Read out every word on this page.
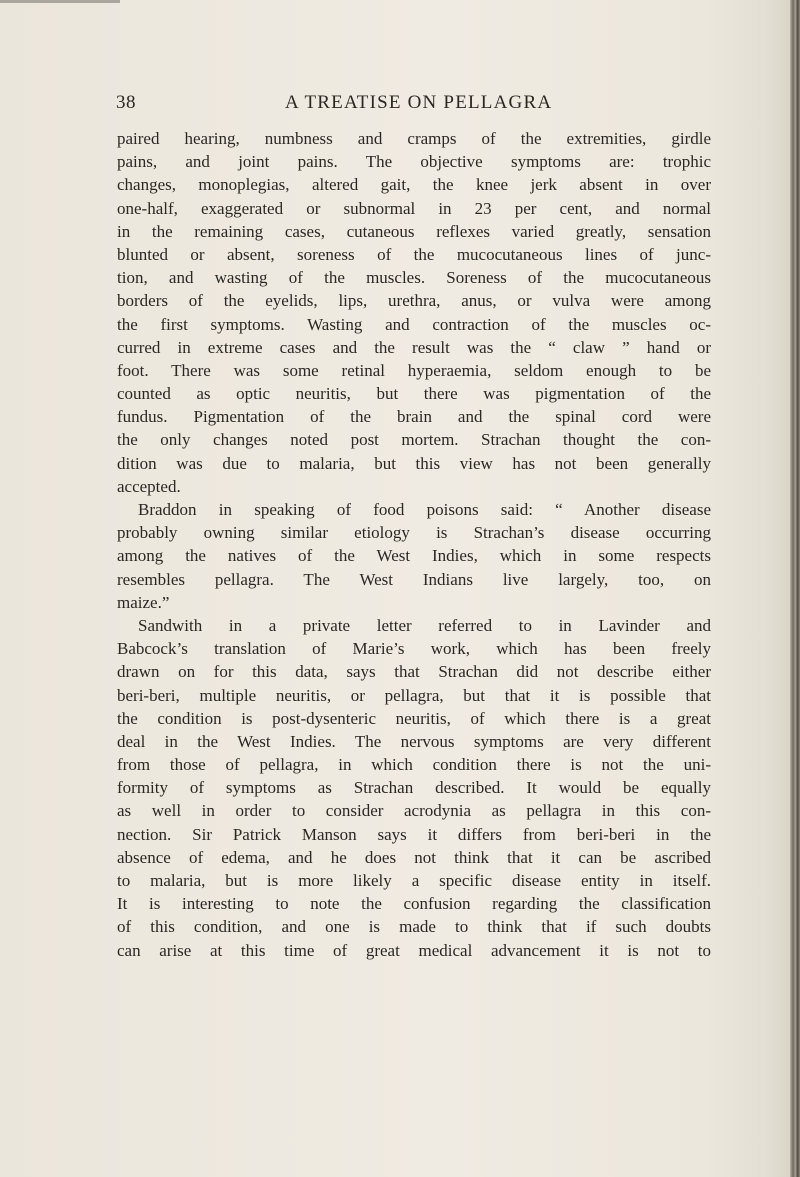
38	A TREATISE ON PELLAGRA
paired hearing, numbness and cramps of the extremities, girdle
pains, and joint pains. The objective symptoms are: trophic
changes, monoplegias, altered gait, the knee jerk absent in over
one-half, exaggerated or subnormal in 23 per cent, and normal
in the remaining cases, cutaneous reflexes varied greatly, sensation
blunted or absent, soreness of the mucocutaneous lines of junc-
tion, and wasting of the muscles. Soreness of the mucocutaneous
borders of the eyelids, lips, urethra, anus, or vulva were among
the first symptoms. Wasting and contraction of the muscles oc-
curred in extreme cases and the result was the “ claw ” hand or
foot. There was some retinal hyperaemia, seldom enough to be
counted as optic neuritis, but there was pigmentation of the
fundus. Pigmentation of the brain and the spinal cord were
the only changes noted post mortem. Strachan thought the con-
dition was due to malaria, but this view has not been generally
accepted.
Braddon in speaking of food poisons said: “ Another disease
probably owning similar etiology is Strachan’s disease occurring
among the natives of the West Indies, which in some respects
resembles pellagra. The West Indians live largely, too, on
maize.”
Sandwith in a private letter referred to in Lavinder and
Babcock’s translation of Marie’s work, which has been freely
drawn on for this data, says that Strachan did not describe either
beri-beri, multiple neuritis, or pellagra, but that it is possible that
the condition is post-dysenteric neuritis, of which there is a great
deal in the West Indies. The nervous symptoms are very different
from those of pellagra, in which condition there is not the uni-
formity of symptoms as Strachan described. It would be equally
as well in order to consider acrodynia as pellagra in this con-
nection. Sir Patrick Manson says it differs from beri-beri in the
absence of edema, and he does not think that it can be ascribed
to malaria, but is more likely a specific disease entity in itself.
It is interesting to note the confusion regarding the classification
of this condition, and one is made to think that if such doubts
can arise at this time of great medical advancement it is not to
